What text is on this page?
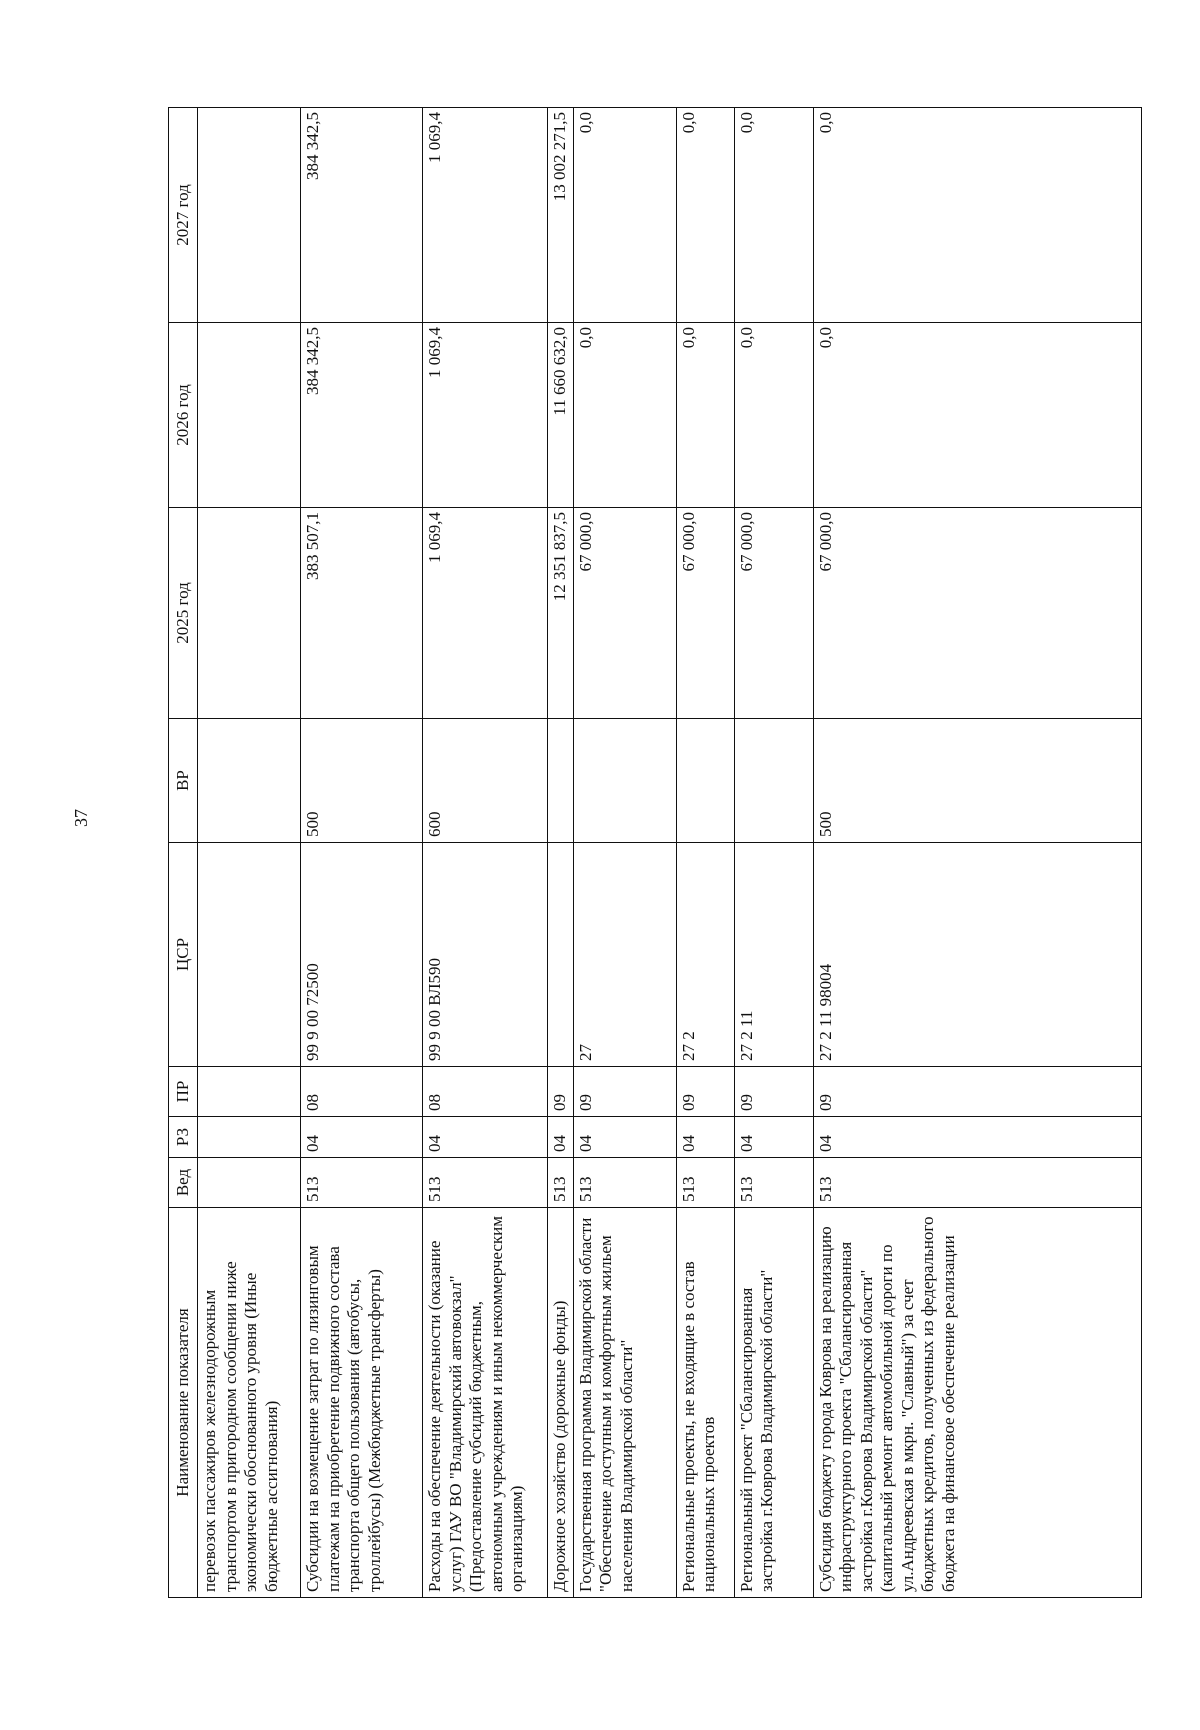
37
Наименование показателя	Вед	РЗ	ПР	ЦСР	ВР	2025 год	2026 год	2027 год
перевозок пассажиров железнодорожным транспортом в пригородном сообщении ниже экономически обоснованного уровня (Иные бюджетные ассигнования)								
Субсидии на возмещение затрат по лизинговым платежам на приобретение подвижного состава транспорта общего пользования (автобусы, троллейбусы) (Межбюджетные трансферты)	513	04	08	99 9 00 72500	500	383 507,1	384 342,5	384 342,5
Расходы на обеспечение деятельности (оказание услуг) ГАУ ВО "Владимирский автовокзал" (Предоставление субсидий бюджетным, автономным учреждениям и иным некоммерческим организациям)	513	04	08	99 9 00 ВЛ590	600	1 069,4	1 069,4	1 069,4
Дорожное хозяйство (дорожные фонды)	513	04	09			12 351 837,5	11 660 632,0	13 002 271,5
Государственная программа Владимирской области "Обеспечение доступным и комфортным жильем населения Владимирской области"	513	04	09	27		67 000,0	0,0	0,0
Региональные проекты, не входящие в состав национальных проектов	513	04	09	27 2		67 000,0	0,0	0,0
Региональный проект "Сбалансированная застройка г.Коврова Владимирской области"	513	04	09	27 2 11		67 000,0	0,0	0,0
Субсидия бюджету города Коврова на реализацию инфраструктурного проекта "Сбалансированная застройка г.Коврова Владимирской области" (капитальный ремонт автомобильной дороги по ул.Андреевская в мкрн. "Славный") за счет бюджетных кредитов, полученных из федерального бюджета на финансовое обеспечение реализации	513	04	09	27 2 11 98004	500	67 000,0	0,0	0,0
